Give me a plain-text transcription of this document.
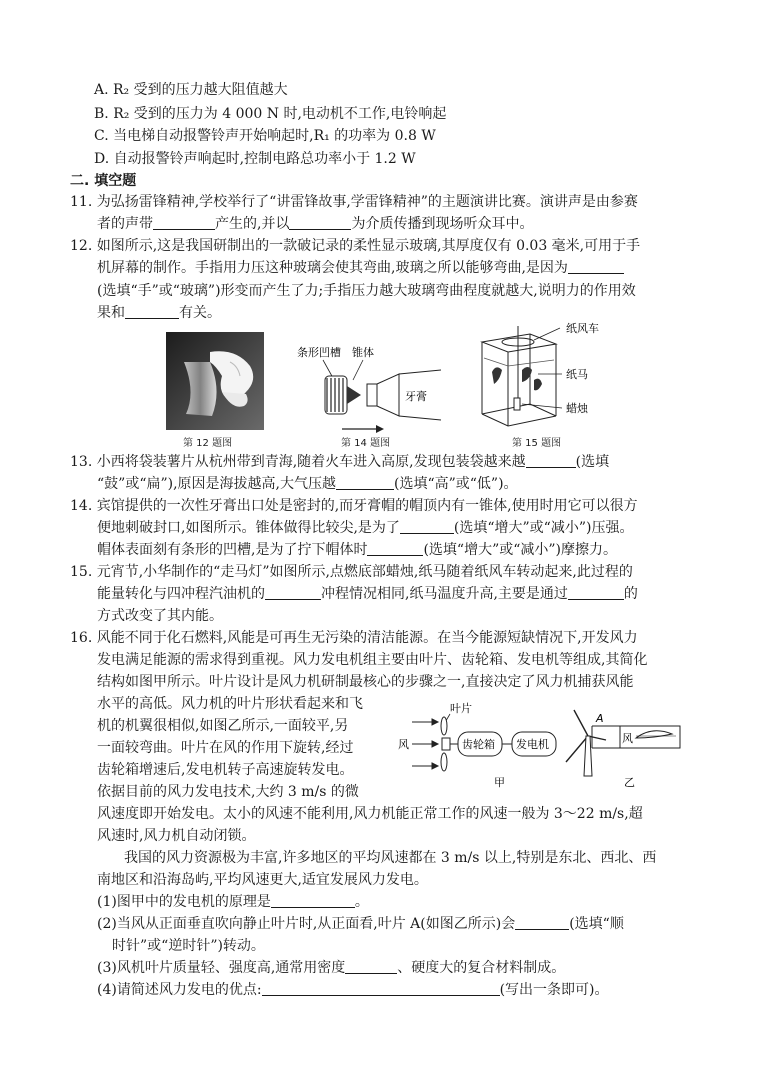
A. R₂ 受到的压力越大阻值越大
B. R₂ 受到的压力为 4 000 N 时,电动机不工作,电铃响起
C. 当电梯自动报警铃声开始响起时,R₁ 的功率为 0.8 W
D. 自动报警铃声响起时,控制电路总功率小于 1.2 W
二. 填空题
11. 为弘扬雷锋精神,学校举行了“讲雷锋故事,学雷锋精神”的主题演讲比赛。演讲声是由参赛
者的声带	产生的,并以	为介质传播到现场听众耳中。
12. 如图所示,这是我国研制出的一款破记录的柔性显示玻璃,其厚度仅有 0.03 毫米,可用于手
机屏幕的制作。手指用力压这种玻璃会使其弯曲,玻璃之所以能够弯曲,是因为
(选填“手”或“玻璃”)形变而产生了力;手指压力越大玻璃弯曲程度就越大,说明力的作用效
果和	有关。
第 12 题图
条形凹槽 锥体
牙膏
第 14 题图
纸风车
纸马
蜡烛
第 15 题图
13. 小西将袋装薯片从杭州带到青海,随着火车进入高原,发现包装袋越来越	(选填
“鼓”或“扁”),原因是海拔越高,大气压越	(选填“高”或“低”)。
14. 宾馆提供的一次性牙膏出口处是密封的,而牙膏帽的帽顶内有一锥体,使用时用它可以很方
便地刺破封口,如图所示。锥体做得比较尖,是为了	(选填“增大”或“减小”)压强。
帽体表面刻有条形的凹槽,是为了拧下帽体时	(选填“增大”或“减小”)摩擦力。
15. 元宵节,小华制作的“走马灯”如图所示,点燃底部蜡烛,纸马随着纸风车转动起来,此过程的
能量转化与四冲程汽油机的	冲程情况相同,纸马温度升高,主要是通过	的
方式改变了其内能。
16. 风能不同于化石燃料,风能是可再生无污染的清洁能源。在当今能源短缺情况下,开发风力
发电满足能源的需求得到重视。风力发电机组主要由叶片、齿轮箱、发电机等组成,其简化
结构如图甲所示。叶片设计是风力机研制最核心的步骤之一,直接决定了风力机捕获风能
水平的高低。风力机的叶片形状看起来和飞
机的机翼很相似,如图乙所示,一面较平,另
一面较弯曲。叶片在风的作用下旋转,经过
齿轮箱增速后,发电机转子高速旋转发电。
依据目前的风力发电技术,大约 3 m/s 的微
风
叶片
齿轮箱 发电机
甲
A
风
乙
风速度即开始发电。太小的风速不能利用,风力机能正常工作的风速一般为 3～22 m/s,超
风速时,风力机自动闭锁。
我国的风力资源极为丰富,许多地区的平均风速都在 3 m/s 以上,特别是东北、西北、西
南地区和沿海岛屿,平均风速更大,适宜发展风力发电。
(1)图甲中的发电机的原理是	。
(2)当风从正面垂直吹向静止叶片时,从正面看,叶片 A(如图乙所示)会	(选填“顺
时针”或“逆时针”)转动。
(3)风机叶片质量轻、强度高,通常用密度	、硬度大的复合材料制成。
(4)请简述风力发电的优点:	(写出一条即可)。
